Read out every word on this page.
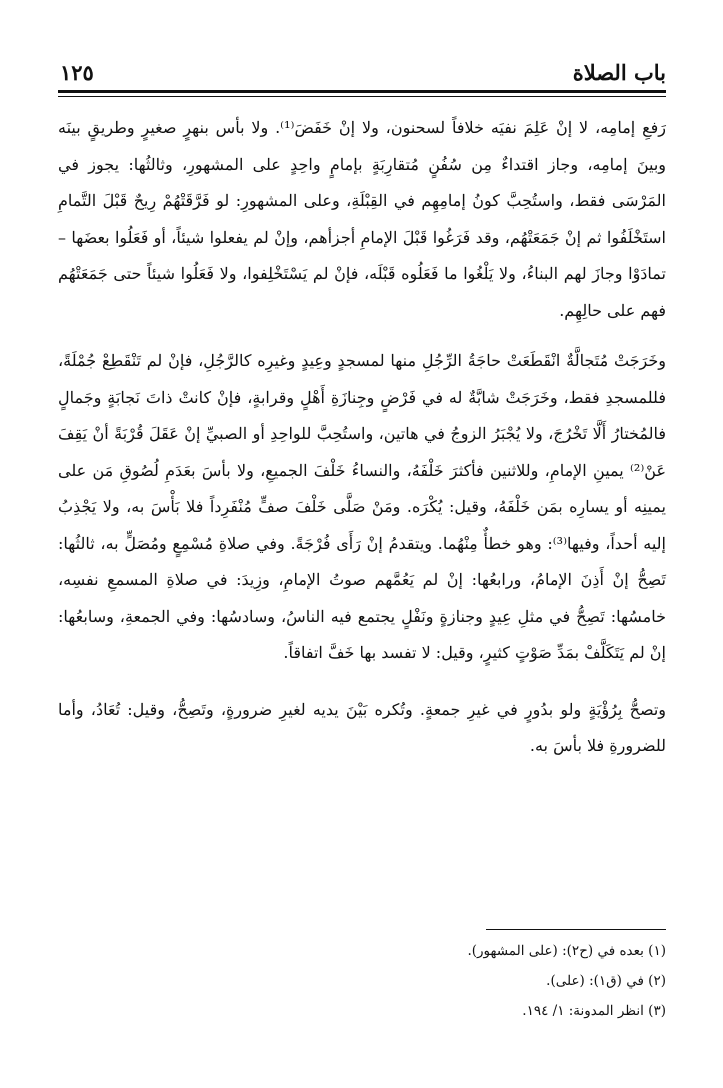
باب الصلاة
١٢٥

رَفعِ إمامِه، لا إنْ عَلِمَ نفيَه خلافاً لسحنون، ولا إنْ خَفَضَ⁽¹⁾. ولا بأس بنهرٍ صغيرٍ وطريقٍ بينَه وبينَ إمامِه، وجاز اقتداءٌ مِن سُفُنٍ مُتقارِبَةٍ بإمامٍ واحِدٍ على المشهورِ، وثالثُها: يجوز في المَرْسَى فقط، واستُحِبَّ كونُ إمامِهِم في القِبْلَةِ، وعلى المشهورِ: لو فَرَّقَتْهُمْ رِيحٌ قَبْلَ التَّمامِ استَخْلَفُوا ثم إنْ جَمَعَتْهُم، وقد فَرَغُوا قَبْلَ الإمامِ أجزأهم، وإنْ لم يفعلوا شيئاً، أو فَعَلُوا بعضَها – تمادَوْا وجازَ لهم البناءُ، ولا يَلْغُوا ما فَعَلُوه قَبْلَه، فإنْ لم يَسْتَخْلِفوا، ولا فَعَلُوا شيئاً حتى جَمَعَتْهُم فهم على حالِهِم.

وخَرَجَتْ مُتَجالَّةٌ انْقَطَعَتْ حاجَةُ الرِّجُلِ منها لمسجدٍ وعِيدٍ وغيرِه كالرَّجُلِ، فإنْ لم تَنْقَطِعْ جُمْلَةً، فللمسجدِ فقط، وخَرَجَتْ شابَّةٌ له في فَرْضٍ وجِنازَةِ أَهْلٍ وقرابةٍ، فإنْ كانتْ ذاتَ نَجابَةٍ وجَمالٍ فالمُختارُ أَلَّا تَخْرُجَ، ولا يُجْبَرُ الزوجُ في هاتين، واستُحِبَّ للواحِدِ أو الصبيِّ إنْ عَقَلَ قُرْبَةً أنْ يَقِفَ عَنْ⁽²⁾ يمينِ الإمامِ، وللاثنين فأكثرَ خَلْفَهُ، والنساءُ خَلْفَ الجميعِ، ولا بأسَ بعَدَمِ لُصُوقِ مَن على يمينِه أو يسارِه بمَن خَلْفَهُ، وقيل: يُكْرَه. ومَنْ صَلَّى خَلْفَ صفٍّ مُنْفَرِداً فلا بَأْسَ به، ولا يَجْذِبُ إليه أحداً، وفيها⁽³⁾: وهو خطأٌ مِنْهُما. ويتقدمُ إنْ رَأَى فُرْجَةً. وفي صلاةِ مُسْمِعٍ ومُصَلٍّ به، ثالثُها: تَصِحُّ إنْ أَذِنَ الإمامُ، ورابعُها: إنْ لم يَعُمَّهم صوتُ الإمامِ، وزِيدَ: في صلاةِ المسمعِ نفسِه، خامسُها: تَصِحُّ في مثلِ عِيدٍ وجنازةٍ ونَفْلٍ يجتمع فيه الناسُ، وسادسُها: وفي الجمعةِ، وسابعُها: إنْ لم يَتَكَلَّفْ بمَدِّ صَوْتٍ كثيرٍ، وقيل: لا تفسد بها خَفَّ اتفاقاً.

وتصحُّ بِرُؤْيَةٍ ولو بدُورٍ في غيرِ جمعةٍ. وتُكره بَيْنَ يديه لغيرِ ضرورةٍ، وتَصِحُّ، وقيل: تُعَادُ، وأما للضرورةِ فلا بأسَ به.

(١) بعده في (ح٢): (على المشهور).
(٢) في (ق١): (على).
(٣) انظر المدونة: ١/ ١٩٤.
